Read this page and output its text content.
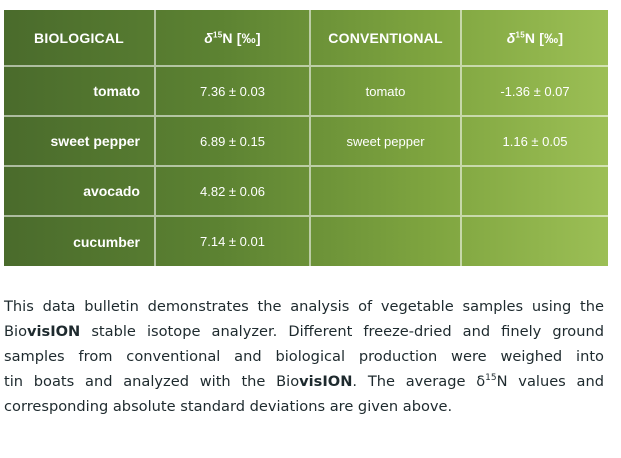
BIOLOGICAL	$\delta^{15}$ N [‰]	CONVENTIONAL	$\delta^{15}$ N [‰]
tomato	7.36 ± 0.03	tomato	-1.36 ± 0.07
sweet pepper	6.89 ± 0.15	sweet pepper	1.16 ± 0.05
avocado	4.82 ± 0.06
cucumber	7.14 ± 0.01

This data bulletin demonstrates the analysis of vegetable samples using the
BiovisION stable isotope analyzer. Different freeze-dried and finely ground
samples from conventional and biological production were weighed into
tin boats and analyzed with the BiovisION. The average $\delta^{15}N$ values and
corresponding absolute standard deviations are given above.
